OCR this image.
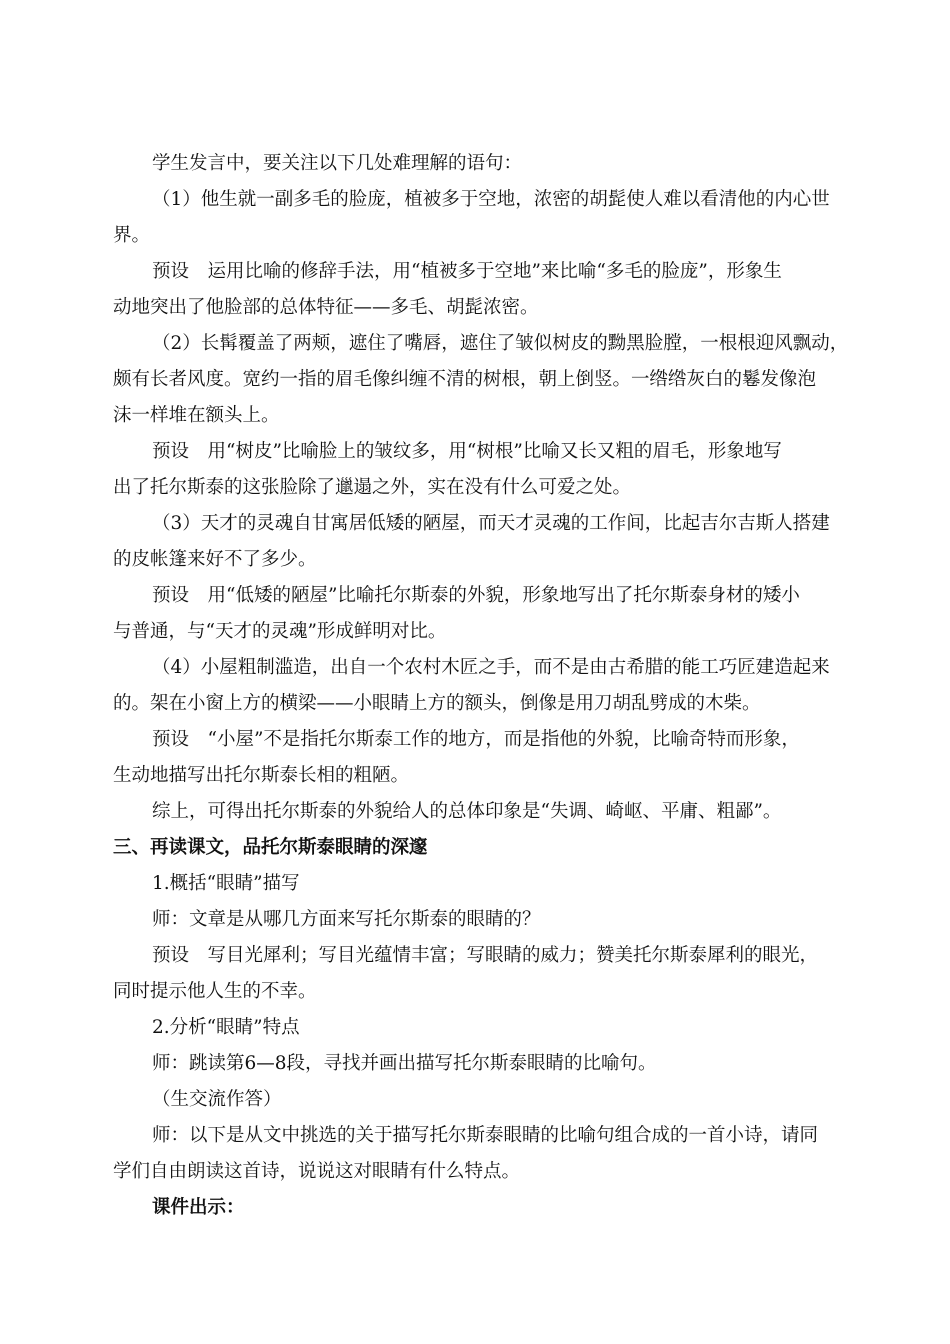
学生发言中，要关注以下几处难理解的语句：
（1）他生就一副多毛的脸庞，植被多于空地，浓密的胡髭使人难以看清他的内心世
界。
预设　运用比喻的修辞手法，用“植被多于空地”来比喻“多毛的脸庞”，形象生
动地突出了他脸部的总体特征——多毛、胡髭浓密。
（2）长髯覆盖了两颊，遮住了嘴唇，遮住了皱似树皮的黝黑脸膛，一根根迎风飘动，
颇有长者风度。宽约一指的眉毛像纠缠不清的树根，朝上倒竖。一绺绺灰白的鬈发像泡
沫一样堆在额头上。
预设　用“树皮”比喻脸上的皱纹多，用“树根”比喻又长又粗的眉毛，形象地写
出了托尔斯泰的这张脸除了邋遢之外，实在没有什么可爱之处。
（3）天才的灵魂自甘寓居低矮的陋屋，而天才灵魂的工作间，比起吉尔吉斯人搭建
的皮帐篷来好不了多少。
预设　用“低矮的陋屋”比喻托尔斯泰的外貌，形象地写出了托尔斯泰身材的矮小
与普通，与“天才的灵魂”形成鲜明对比。
（4）小屋粗制滥造，出自一个农村木匠之手，而不是由古希腊的能工巧匠建造起来
的。架在小窗上方的横梁——小眼睛上方的额头，倒像是用刀胡乱劈成的木柴。
预设　“小屋”不是指托尔斯泰工作的地方，而是指他的外貌，比喻奇特而形象，
生动地描写出托尔斯泰长相的粗陋。
综上，可得出托尔斯泰的外貌给人的总体印象是“失调、崎岖、平庸、粗鄙”。
三、再读课文，品托尔斯泰眼睛的深邃
1.概括“眼睛”描写
师：文章是从哪几方面来写托尔斯泰的眼睛的？
预设　写目光犀利；写目光蕴情丰富；写眼睛的威力；赞美托尔斯泰犀利的眼光，
同时提示他人生的不幸。
2.分析“眼睛”特点
师：跳读第6—8段，寻找并画出描写托尔斯泰眼睛的比喻句。
（生交流作答）
师：以下是从文中挑选的关于描写托尔斯泰眼睛的比喻句组合成的一首小诗，请同
学们自由朗读这首诗，说说这对眼睛有什么特点。
课件出示：
